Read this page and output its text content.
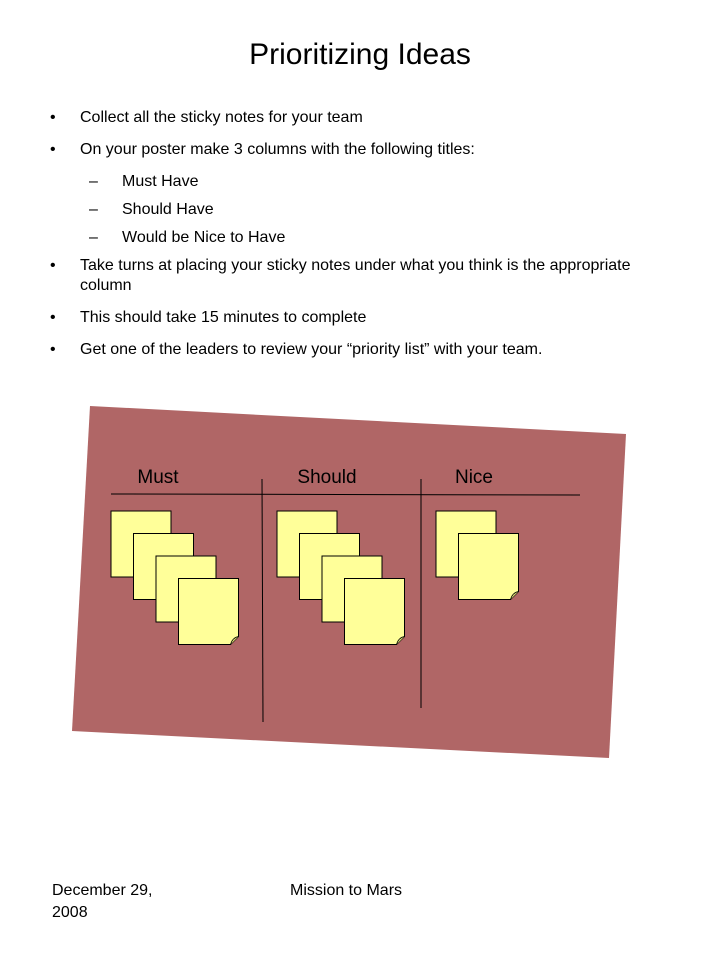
Prioritizing Ideas
• Collect all the sticky notes for your team
• On your poster make 3 columns with the following titles:
– Must Have
– Should Have
– Would be Nice to Have
• Take turns at placing your sticky notes under what you think is the appropriate column
• This should take 15 minutes to complete
• Get one of the leaders to review your “priority list” with your team.
Must	Should	Nice
December 29, 2008
Mission to Mars
